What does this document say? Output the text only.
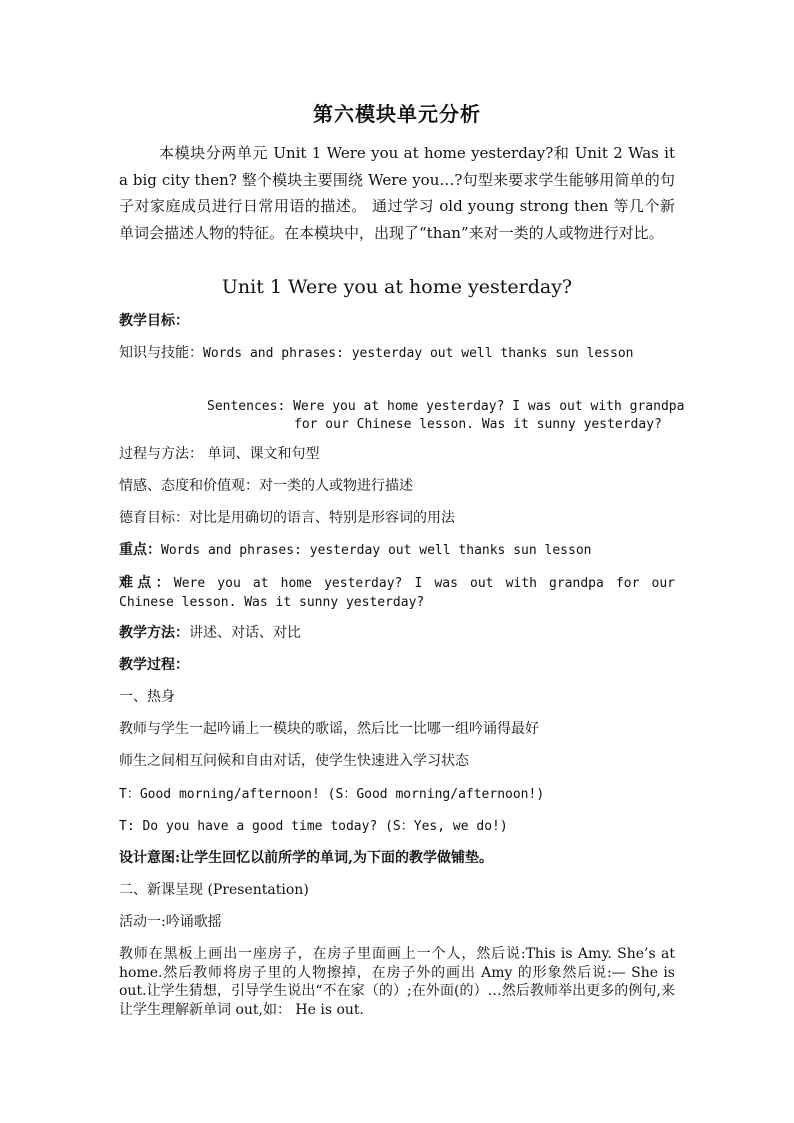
第六模块单元分析
本模块分两单元 Unit 1 Were you at home yesterday?和 Unit 2 Was it a big city then? 整个模块主要围绕 Were you…?句型来要求学生能够用简单的句子对家庭成员进行日常用语的描述。 通过学习 old young strong then 等几个新单词会描述人物的特征。在本模块中，出现了“than”来对一类的人或物进行对比。
Unit 1 Were you at home yesterday?
教学目标：
知识与技能：Words and phrases: yesterday out well thanks sun lesson
Sentences: Were you at home yesterday? I was out with grandpa
for our Chinese lesson. Was it sunny yesterday?
过程与方法： 单词、课文和句型
情感、态度和价值观：对一类的人或物进行描述
德育目标：对比是用确切的语言、特别是形容词的用法
重点：Words and phrases: yesterday out well thanks sun lesson
难点：Were you at home yesterday? I was out with grandpa for our Chinese lesson. Was it sunny yesterday?
教学方法：讲述、对话、对比
教学过程：
一、热身
教师与学生一起吟诵上一模块的歌谣，然后比一比哪一组吟诵得最好
师生之间相互问候和自由对话，使学生快速进入学习状态
T：Good morning/afternoon! (S：Good morning/afternoon!)
T: Do you have a good time today? (S：Yes, we do!)
设计意图:让学生回忆以前所学的单词,为下面的教学做铺垫。
二、新课呈现 (Presentation)
活动一:吟诵歌摇
教师在黑板上画出一座房子，在房子里面画上一个人，然后说:This is Amy. She’s at home.然后教师将房子里的人物擦掉，在房子外的画出 Amy 的形象然后说:— She is out.让学生猜想，引导学生说出“不在家（的）;在外面(的）…然后教师举出更多的例句,来让学生理解新单词 out,如： He is out.
